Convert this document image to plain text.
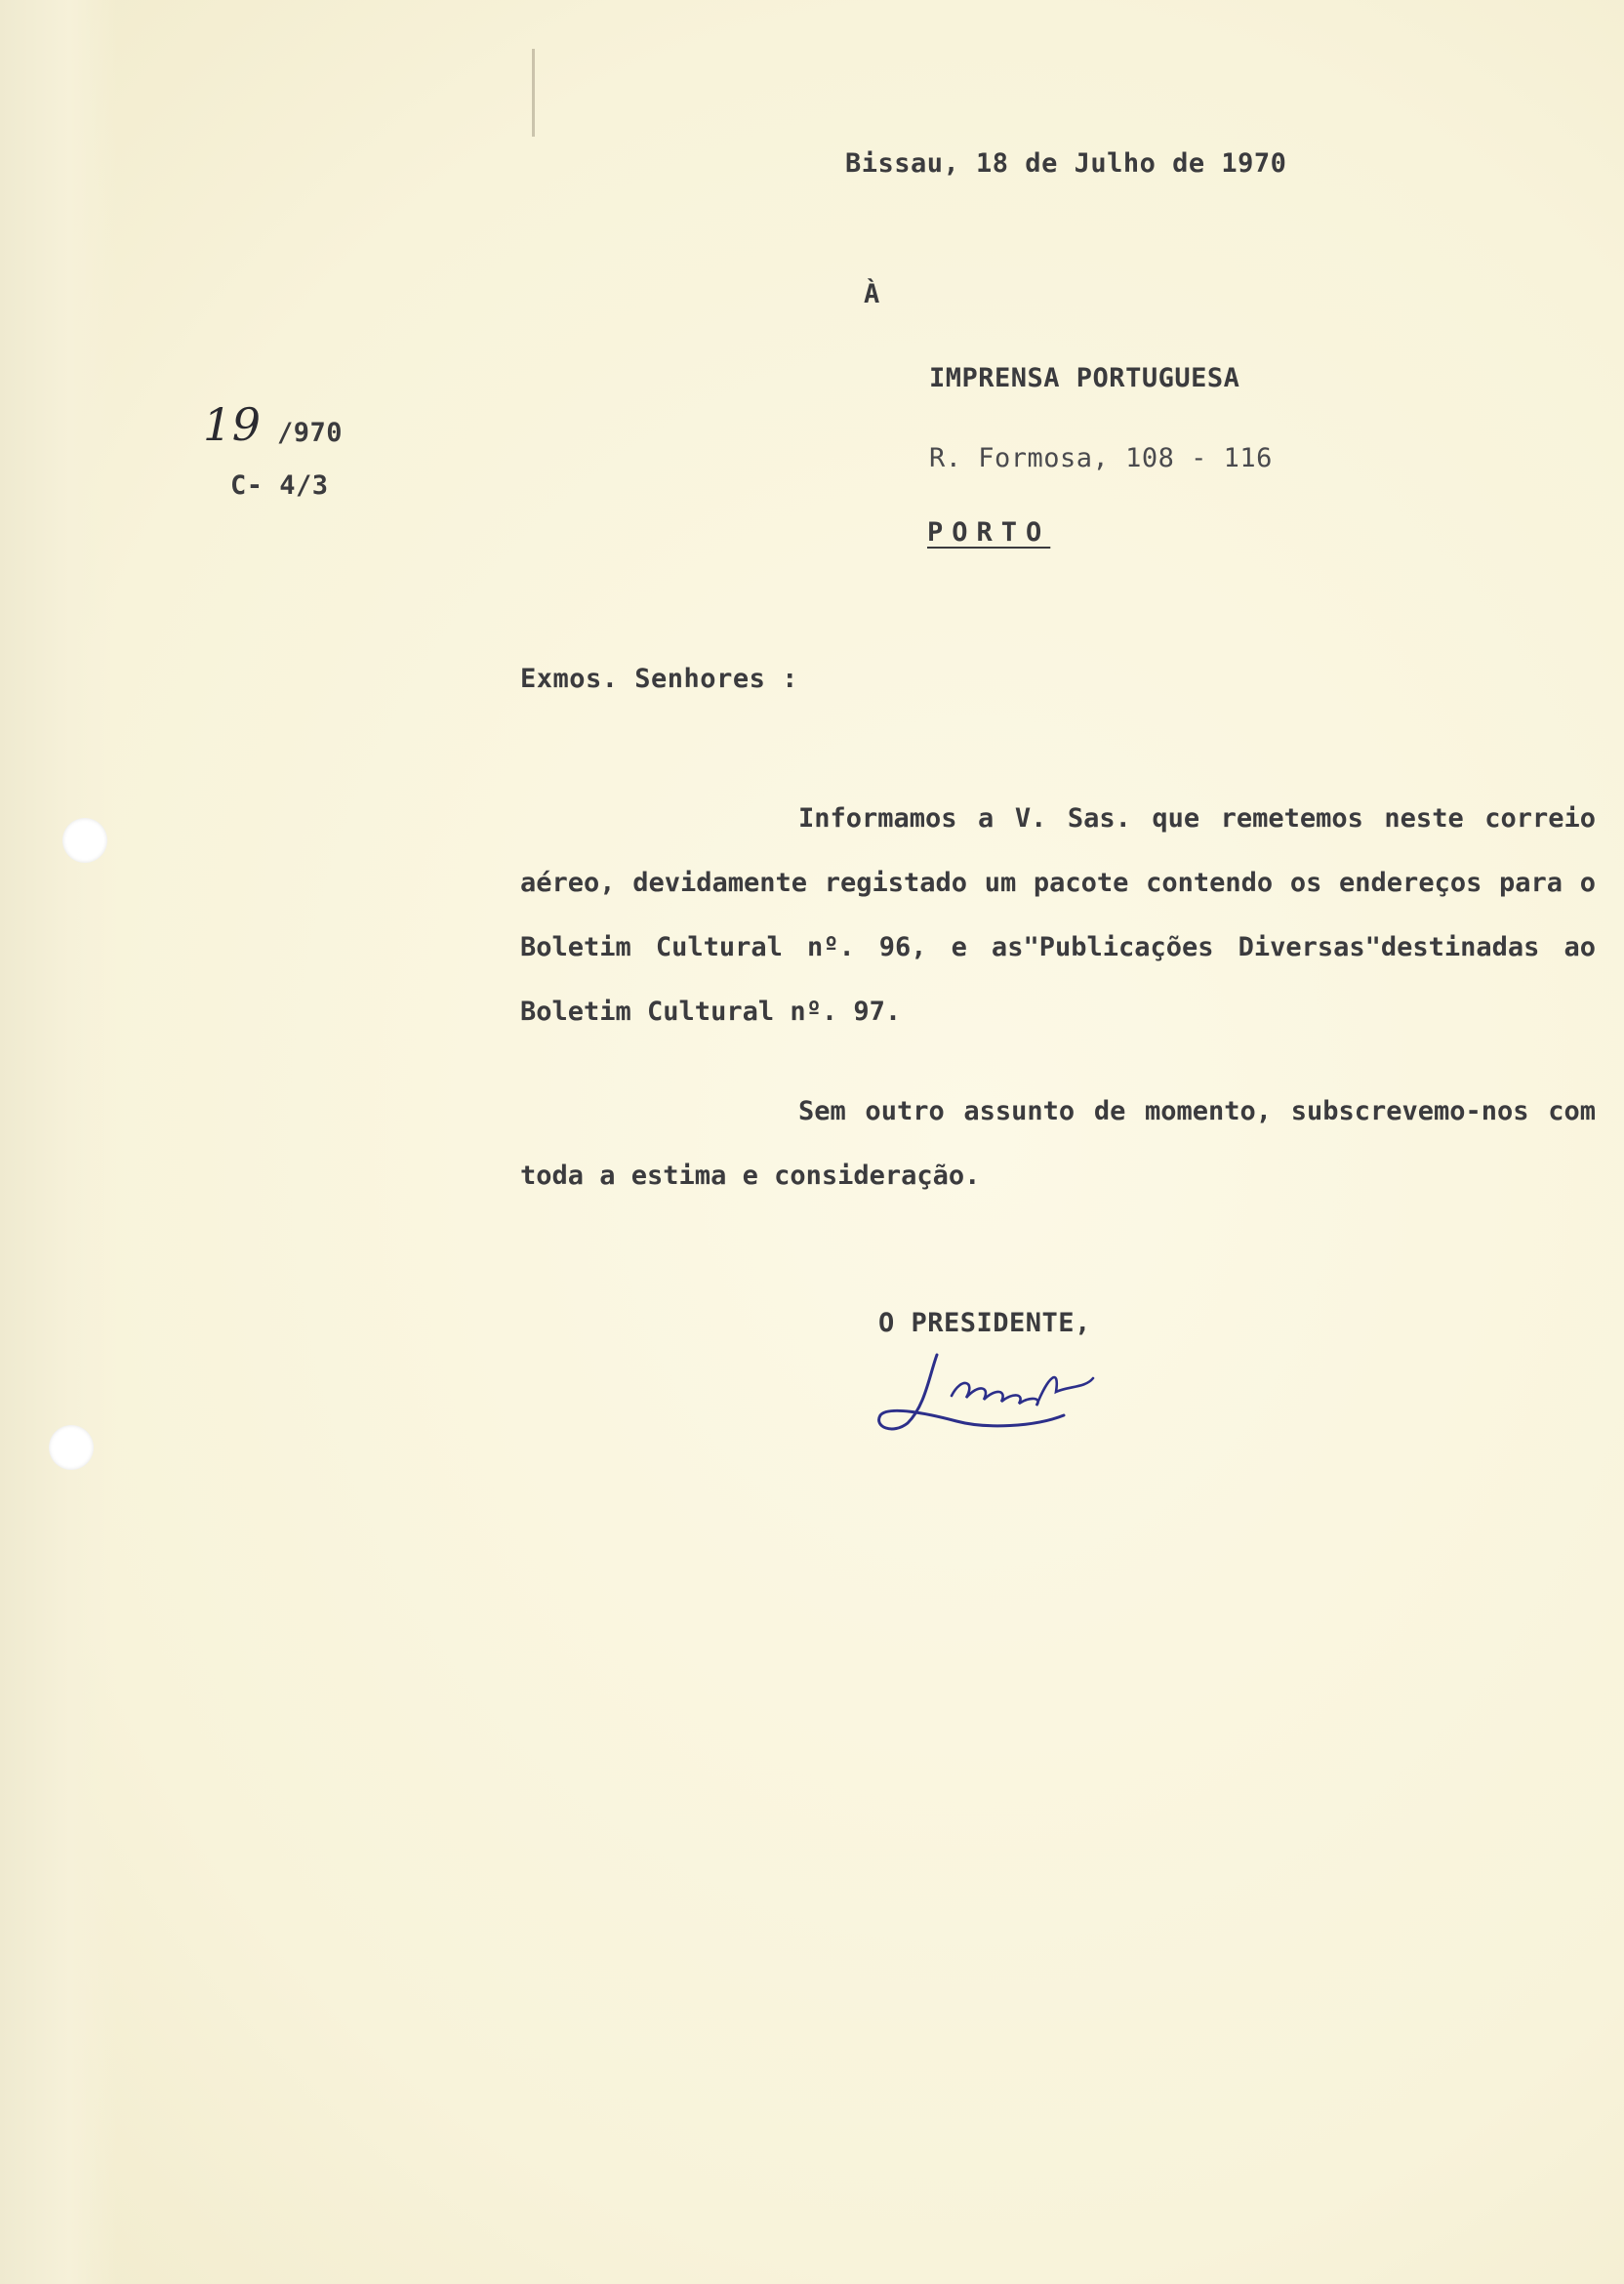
Bissau, 18 de Julho de 1970
À
IMPRENSA PORTUGUESA
R. Formosa, 108 - 116
PORTO
19 /970
C- 4/3
Exmos. Senhores :
Informamos a V. Sas. que remetemos neste correio aéreo, devidamente registado um pacote contendo os endereços para o Boletim Cultural nº. 96, e as"Publicações Diversas"destinadas ao Boletim Cultural nº. 97.
Sem outro assunto de momento, subscrevemo-nos com toda a estima e consideração.
O PRESIDENTE,
